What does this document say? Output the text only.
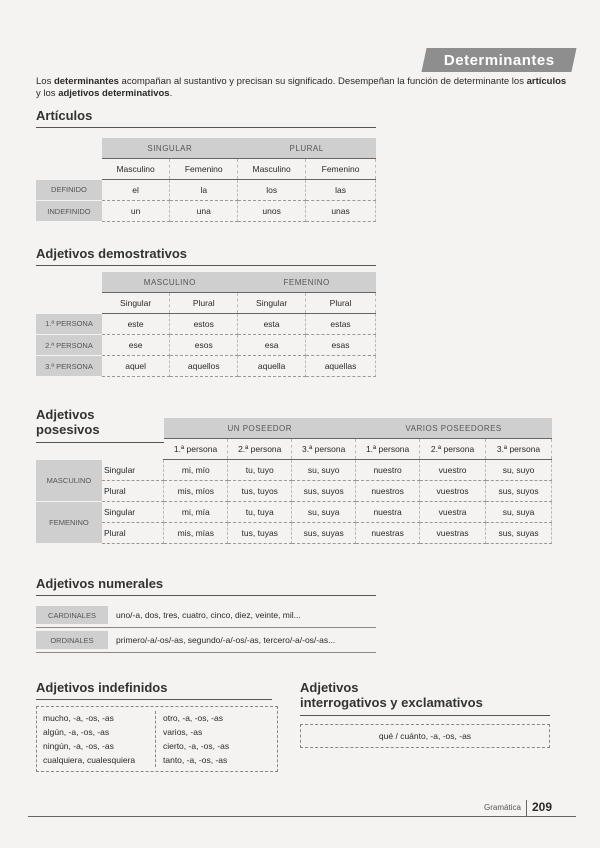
Determinantes
Los determinantes acompañan al sustantivo y precisan su significado. Desempeñan la función de determinante los artículos y los adjetivos determinativos.
Artículos
	SINGULAR		PLURAL	
	Masculino	Femenino	Masculino	Femenino
DEFINIDO	el	la	los	las
INDEFINIDO	un	una	unos	unas
Adjetivos demostrativos
	MASCULINO		FEMENINO	
	Singular	Plural	Singular	Plural
1.ª PERSONA	este	estos	esta	estas
2.ª PERSONA	ese	esos	esa	esas
3.ª PERSONA	aquel	aquellos	aquella	aquellas
Adjetivos
posesivos
		UN POSEEDOR			VARIOS POSEEDORES		
		1.ª persona	2.ª persona	3.ª persona	1.ª persona	2.ª persona	3.ª persona
MASCULINO	Singular	mi, mío	tu, tuyo	su, suyo	nuestro	vuestro	su, suyo
	Plural	mis, míos	tus, tuyos	sus, suyos	nuestros	vuestros	sus, suyos
FEMENINO	Singular	mi, mía	tu, tuya	su, suya	nuestra	vuestra	su, suya
	Plural	mis, mías	tus, tuyas	sus, suyas	nuestras	vuestras	sus, suyas
Adjetivos numerales
CARDINALES	uno/-a, dos, tres, cuatro, cinco, diez, veinte, mil...
ORDINALES	primero/-a/-os/-as, segundo/-a/-os/-as, tercero/-a/-os/-as...
Adjetivos indefinidos
mucho, -a, -os, -as
algún, -a, -os, -as
ningún, -a, -os, -as
cualquiera, cualesquiera
otro, -a, -os, -as
varios, -as
cierto, -a, -os, -as
tanto, -a, -os, -as
Adjetivos
interrogativos y exclamativos
qué / cuánto, -a, -os, -as
Gramática 209
